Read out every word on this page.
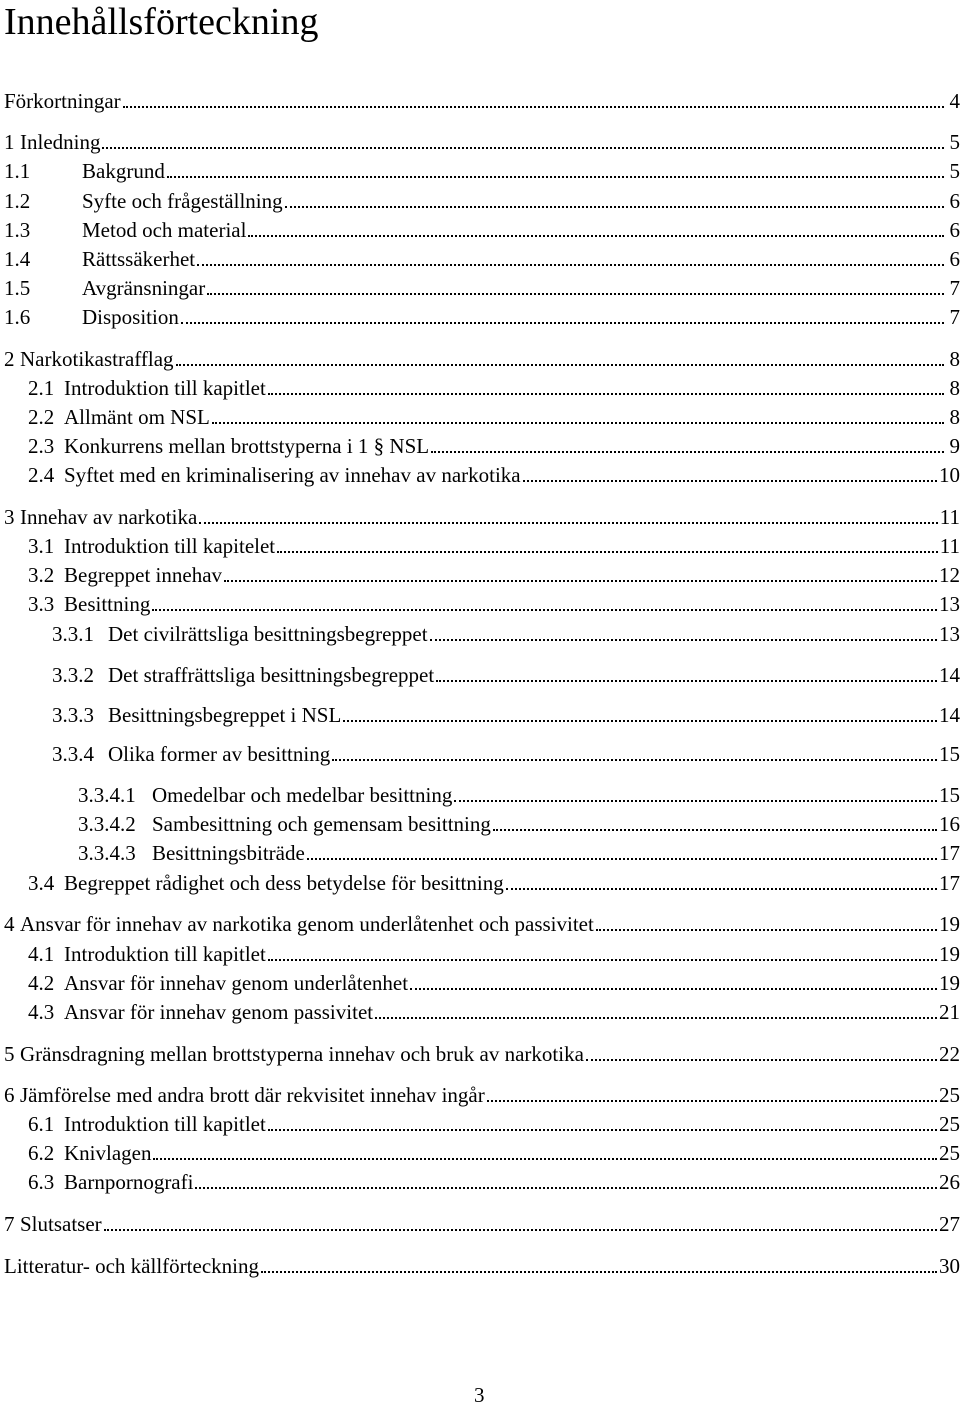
Innehållsförteckning
Förkortningar	4
1 Inledning	5
1.1	Bakgrund	5
1.2	Syfte och frågeställning	6
1.3	Metod och material	6
1.4	Rättssäkerhet	6
1.5	Avgränsningar	7
1.6	Disposition	7
2 Narkotikastrafflag	8
2.1 Introduktion till kapitlet	8
2.2 Allmänt om NSL	8
2.3 Konkurrens mellan brottstyperna i 1 § NSL	9
2.4 Syftet med en kriminalisering av innehav av narkotika	10
3 Innehav av narkotika	11
3.1 Introduktion till kapitelet	11
3.2 Begreppet innehav	12
3.3 Besittning	13
3.3.1 Det civilrättsliga besittningsbegreppet	13
3.3.2 Det straffrättsliga besittningsbegreppet	14
3.3.3 Besittningsbegreppet i NSL	14
3.3.4 Olika former av besittning	15
3.3.4.1 Omedelbar och medelbar besittning	15
3.3.4.2 Sambesittning och gemensam besittning	16
3.3.4.3 Besittningsbiträde	17
3.4 Begreppet rådighet och dess betydelse för besittning	17
4 Ansvar för innehav av narkotika genom underlåtenhet och passivitet	19
4.1 Introduktion till kapitlet	19
4.2 Ansvar för innehav genom underlåtenhet	19
4.3 Ansvar för innehav genom passivitet	21
5 Gränsdragning mellan brottstyperna innehav och bruk av narkotika	22
6 Jämförelse med andra brott där rekvisitet innehav ingår	25
6.1 Introduktion till kapitlet	25
6.2 Knivlagen	25
6.3 Barnpornografi	26
7 Slutsatser	27
Litteratur- och källförteckning	30
3
